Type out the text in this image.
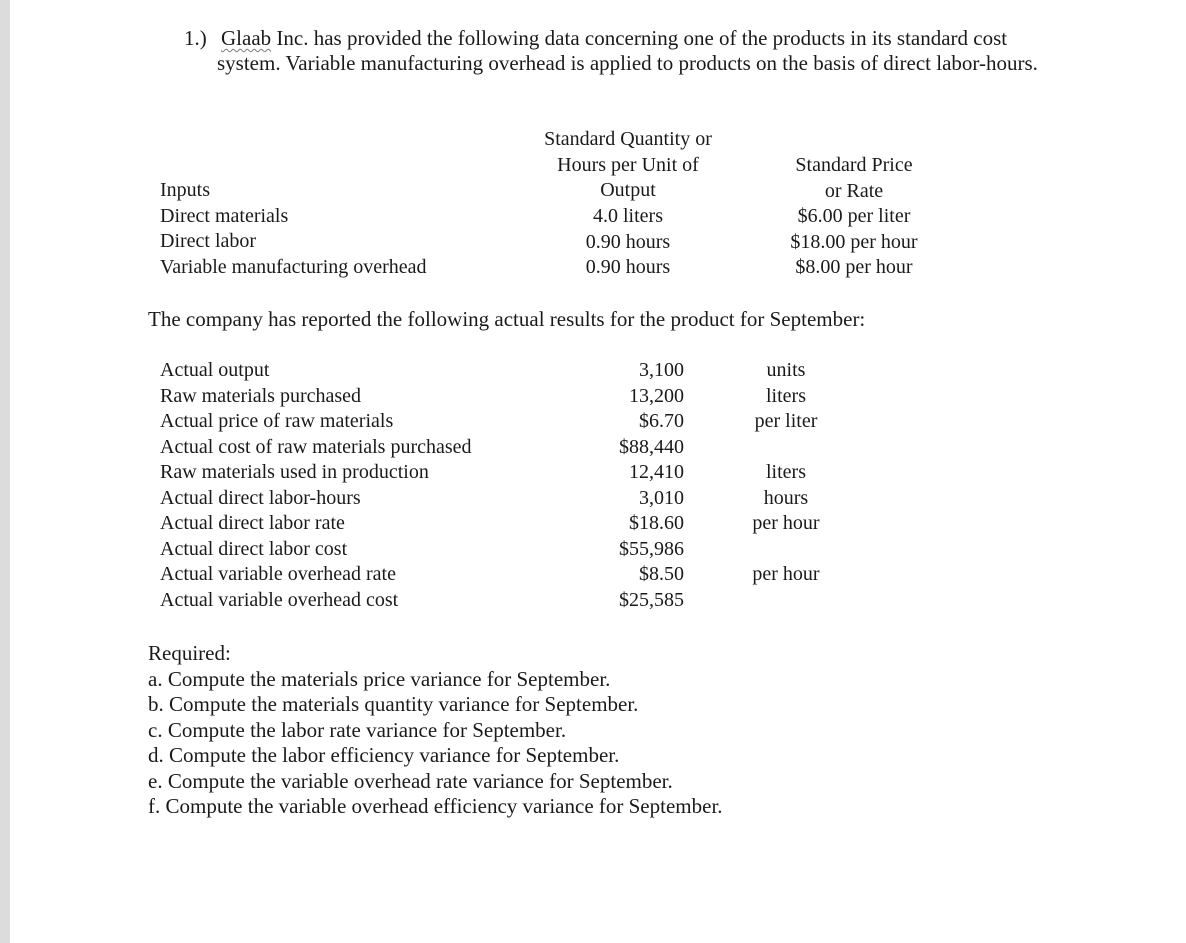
1.) Glaab Inc. has provided the following data concerning one of the products in its standard cost system. Variable manufacturing overhead is applied to products on the basis of direct labor-hours.
Standard Quantity or
Hours per Unit of
Output
Standard Price
or Rate
Inputs
Direct materials
Direct labor
Variable manufacturing overhead
4.0 liters
0.90 hours
0.90 hours
$6.00 per liter
$18.00 per hour
$8.00 per hour
The company has reported the following actual results for the product for September:
Actual output
Raw materials purchased
Actual price of raw materials
Actual cost of raw materials purchased
Raw materials used in production
Actual direct labor-hours
Actual direct labor rate
Actual direct labor cost
Actual variable overhead rate
Actual variable overhead cost
3,100
13,200
$6.70
$88,440
12,410
3,010
$18.60
$55,986
$8.50
$25,585
units
liters
per liter
liters
hours
per hour
per hour
Required:
a. Compute the materials price variance for September.
b. Compute the materials quantity variance for September.
c. Compute the labor rate variance for September.
d. Compute the labor efficiency variance for September.
e. Compute the variable overhead rate variance for September.
f. Compute the variable overhead efficiency variance for September.
